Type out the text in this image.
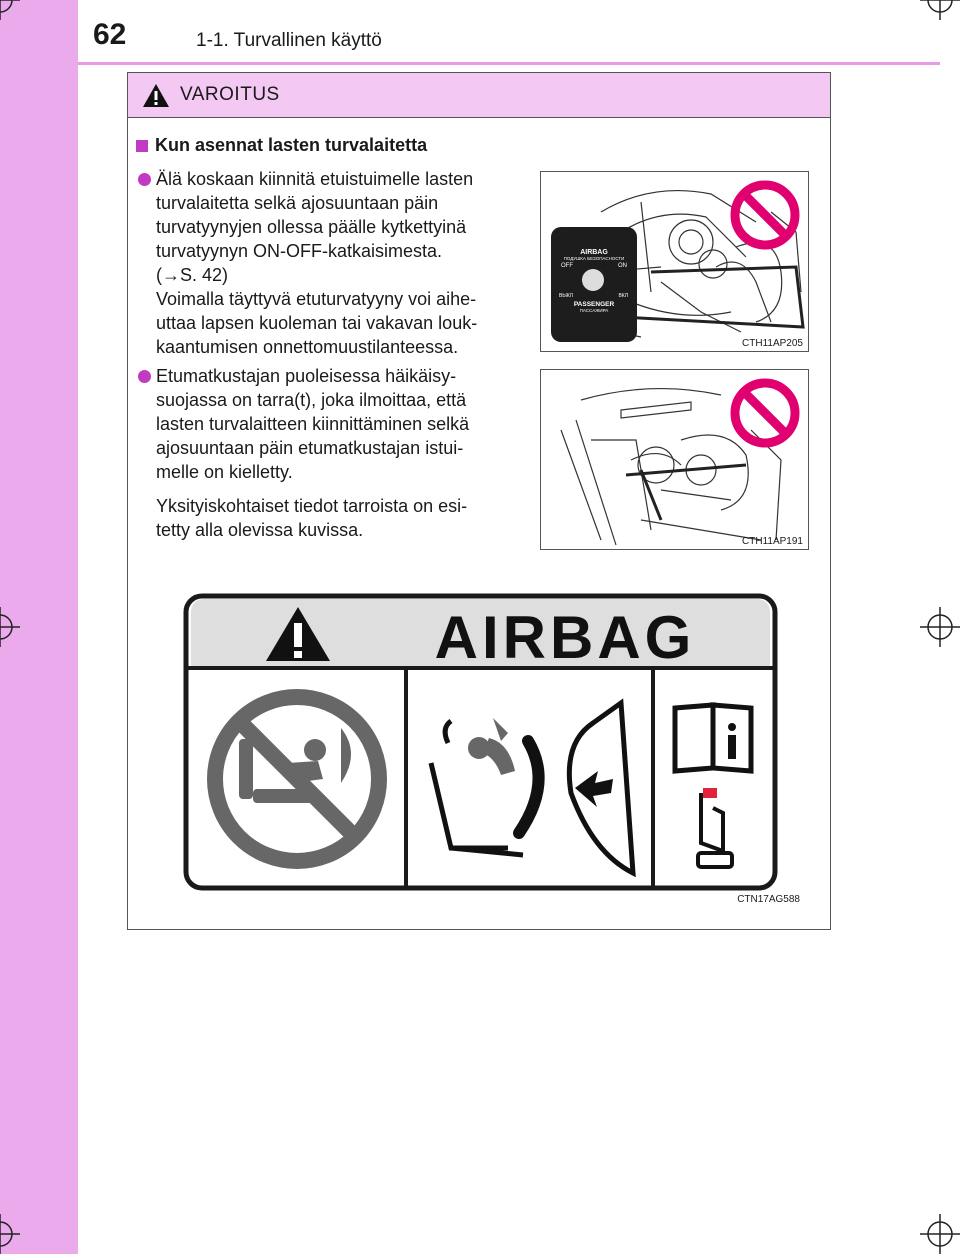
62	1-1. Turvallinen käyttö
VAROITUS
Kun asennat lasten turvalaitetta
Älä koskaan kiinnitä etuistuimelle lasten
turvalaitetta selkä ajosuuntaan päin
turvatyynyjen ollessa päälle kytkettyinä
turvatyynyn ON-OFF-katkaisimesta.
(→S. 42)
Voimalla täyttyvä etuturvatyyny voi aihe-
uttaa lapsen kuoleman tai vakavan louk-
kaantumisen onnettomuustilanteessa.
Etumatkustajan puoleisessa häikäisy-
suojassa on tarra(t), joka ilmoittaa, että
lasten turvalaitteen kiinnittäminen selkä
ajosuuntaan päin etumatkustajan istui-
melle on kielletty.
Yksityiskohtaiset tiedot tarroista on esi-
tetty alla olevissa kuvissa.
AIRBAG
ПОДУШКА БЕЗОПАСНОСТИ
OFF	ON
ВЫКЛ	ВКЛ
PASSENGER
ПАССАЖИРА
CTH11AP205
CTH11AP191
AIRBAG
CTN17AG588
